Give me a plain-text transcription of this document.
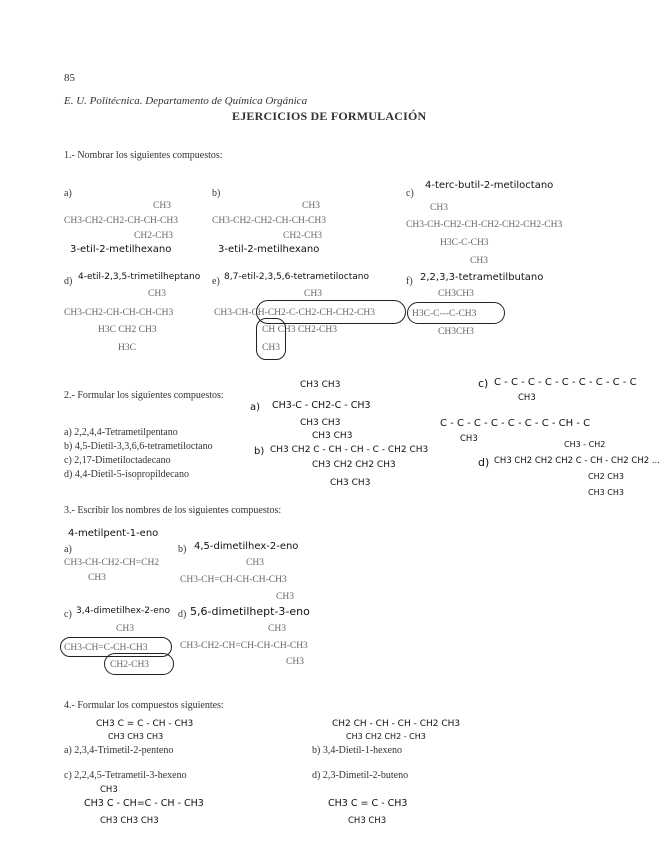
85
E. U. Politécnica. Departamento de Química Orgánica
EJERCICIOS DE FORMULACIÓN
1.- Nombrar los siguientes compuestos:
a)
CH3
CH3-CH2-CH2-CH-CH-CH3
CH2-CH3
3-etil-2-metilhexano
b)
CH3
CH3-CH2-CH2-CH-CH-CH3
CH2-CH3
3-etil-2-metilhexano
c)
4-terc-butil-2-metiloctano
CH3
CH3-CH-CH2-CH-CH2-CH2-CH2-CH3
H3C-C-CH3
CH3
d) 4-etil-2,3,5-trimetilheptano
CH3
CH3-CH2-CH-CH-CH-CH3
H3C CH2 CH3
H3C
e) 8,7-etil-2,3,5,6-tetrametiloctano
CH3
CH3-CH-CH-CH2-C-CH2-CH-CH2-CH3
CH CH3 CH2-CH3
CH3
f) 2,2,3,3-tetrametilbutano
CH3CH3
H3C-C---C-CH3
CH3CH3
2.- Formular los siguientes compuestos:
a) 2,2,4,4-Tetrametilpentano
b) 4,5-Dietil-3,3,6,6-tetrametiloctano
c) 2,17-Dimetiloctadecano
d) 4,4-Dietil-5-isopropildecano
a)
CH3 CH3
CH3-C - CH2-C - CH3
CH3 CH3
b)
CH3 CH3
CH3 CH2 C - CH - CH - C - CH2 CH3
CH3 CH2 CH2 CH3
CH3 CH3
c) C - C - C - C - C - C - C - C - C
CH3
C - C - C - C - C - C - C - CH - C
CH3
d)
CH3 - CH2
CH3 CH2 CH2 CH2 C - CH - CH2 CH2 ...
CH2 CH3
CH3 CH3
3.- Escribir los nombres de los siguientes compuestos:
4-metilpent-1-eno
a)
CH3-CH-CH2-CH=CH2
CH3
b) 4,5-dimetilhex-2-eno
CH3
CH3-CH=CH-CH-CH-CH3
CH3
c) 3,4-dimetilhex-2-eno
CH3
CH3-CH=C-CH-CH3
CH2-CH3
d) 5,6-dimetilhept-3-eno
CH3
CH3-CH2-CH=CH-CH-CH-CH3
CH3
4.- Formular los compuestos siguientes:
CH3 C = C - CH - CH3
CH3 CH3 CH3
a) 2,3,4-Trimetil-2-penteno
CH2 CH - CH - CH - CH2 CH3
CH3 CH2 CH2 - CH3
b) 3,4-Dietil-1-hexeno
c) 2,2,4,5-Tetrametil-3-hexeno
CH3
CH3 C - CH=C - CH - CH3
CH3 CH3 CH3
d) 2,3-Dimetil-2-buteno
CH3 C = C - CH3
CH3 CH3
